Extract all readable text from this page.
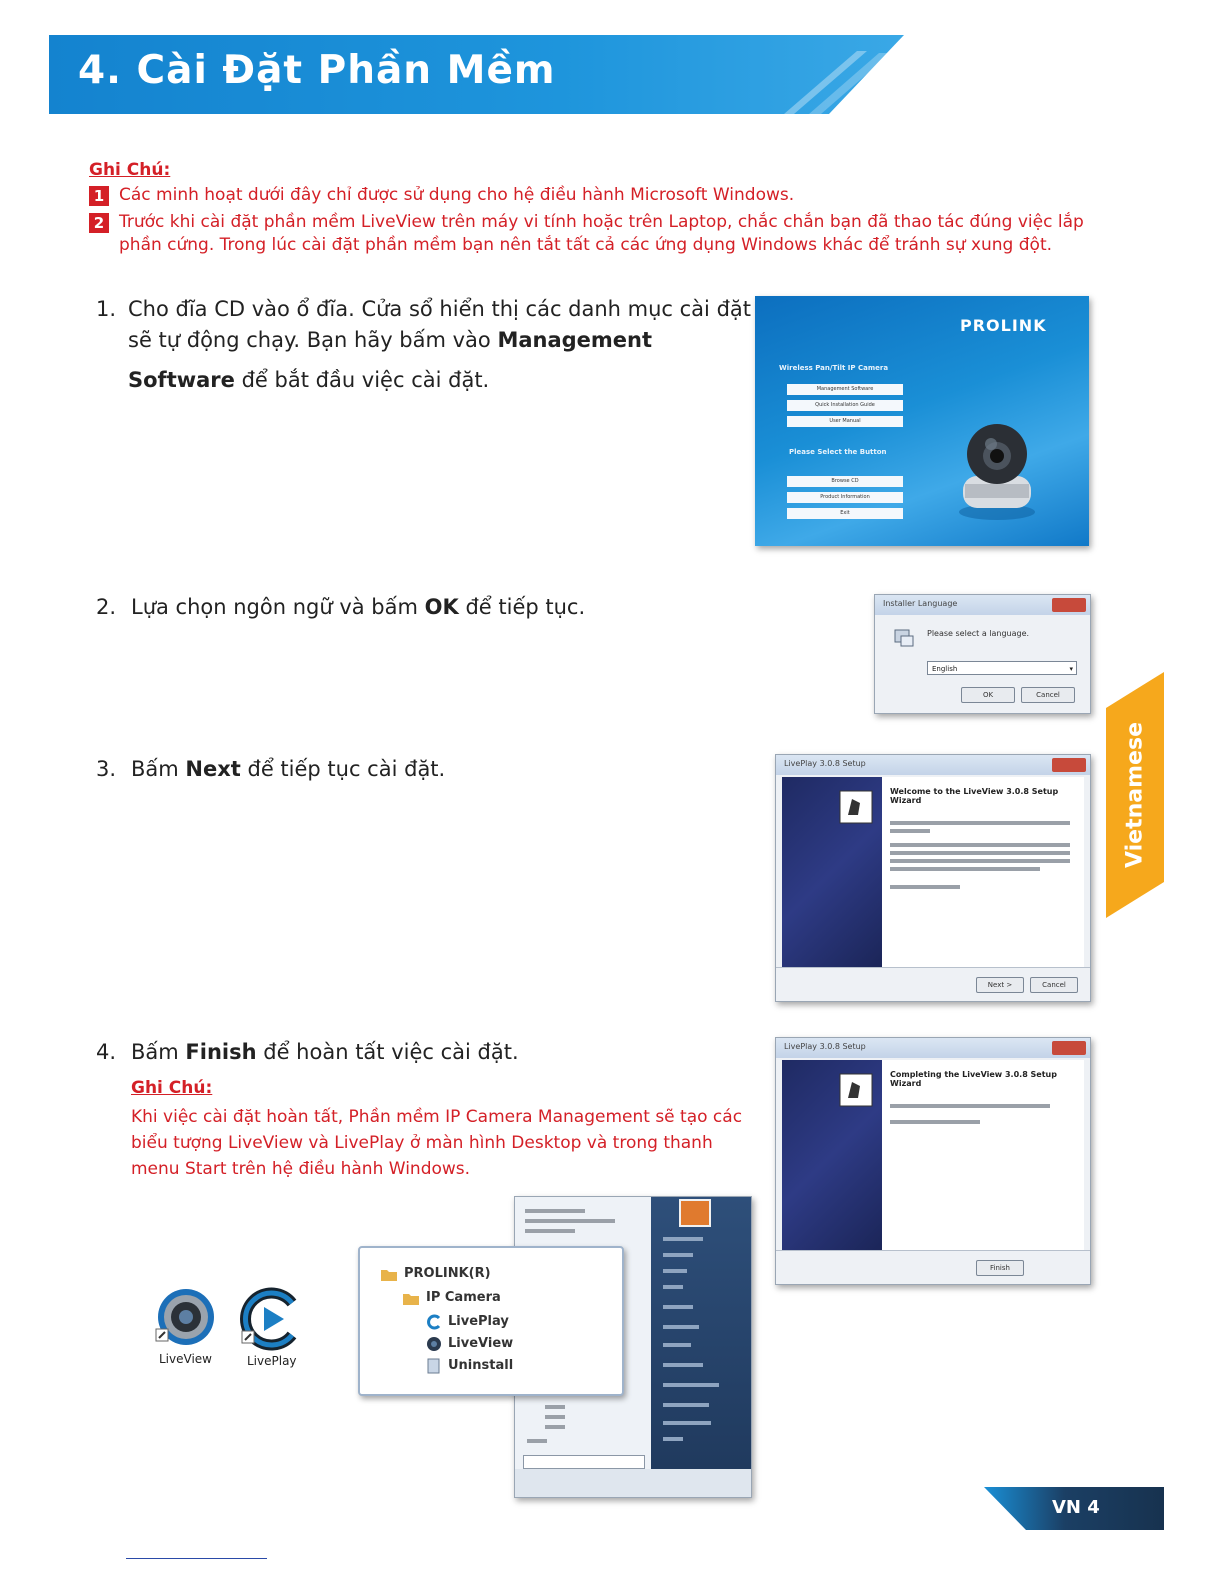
4. Cài Đặt Phần Mềm
Ghi Chú:
1 Các minh hoạt dưới đây chỉ được sử dụng cho hệ điều hành Microsoft Windows.
2 Trước khi cài đặt phần mềm LiveView trên máy vi tính hoặc trên Laptop, chắc chắn bạn đã thao tác đúng việc lắp
phần cứng. Trong lúc cài đặt phần mềm bạn nên tắt tất cả các ứng dụng Windows khác để tránh sự xung đột.
1. Cho đĩa CD vào ổ đĩa. Cửa sổ hiển thị các danh mục cài đặt
sẽ tự động chạy. Bạn hãy bấm vào Management
Software để bắt đầu việc cài đặt.
PROLINK
Wireless Pan/Tilt IP Camera
Management Software
Quick Installation Guide
User Manual
Please Select the Button
Browse CD
Product Information
Exit
2. Lựa chọn ngôn ngữ và bấm OK để tiếp tục.	Installer Language
Please select a language.
English	▾
OK	Cancel
Vietnamese
3. Bấm Next để tiếp tục cài đặt.	LivePlay 3.0.8 Setup
Welcome to the LiveView 3.0.8 Setup Wizard
Next >	Cancel
4. Bấm Finish để hoàn tất việc cài đặt.
Ghi Chú:
Khi việc cài đặt hoàn tất, Phần mềm IP Camera Management sẽ tạo các
biểu tượng LiveView và LivePlay ở màn hình Desktop và trong thanh
menu Start trên hệ điều hành Windows.
LivePlay 3.0.8 Setup
Completing the LiveView 3.0.8 Setup Wizard
Finish
LiveView	LivePlay
PROLINK(R)
IP Camera
LivePlay
LiveView
Uninstall
VN 4
